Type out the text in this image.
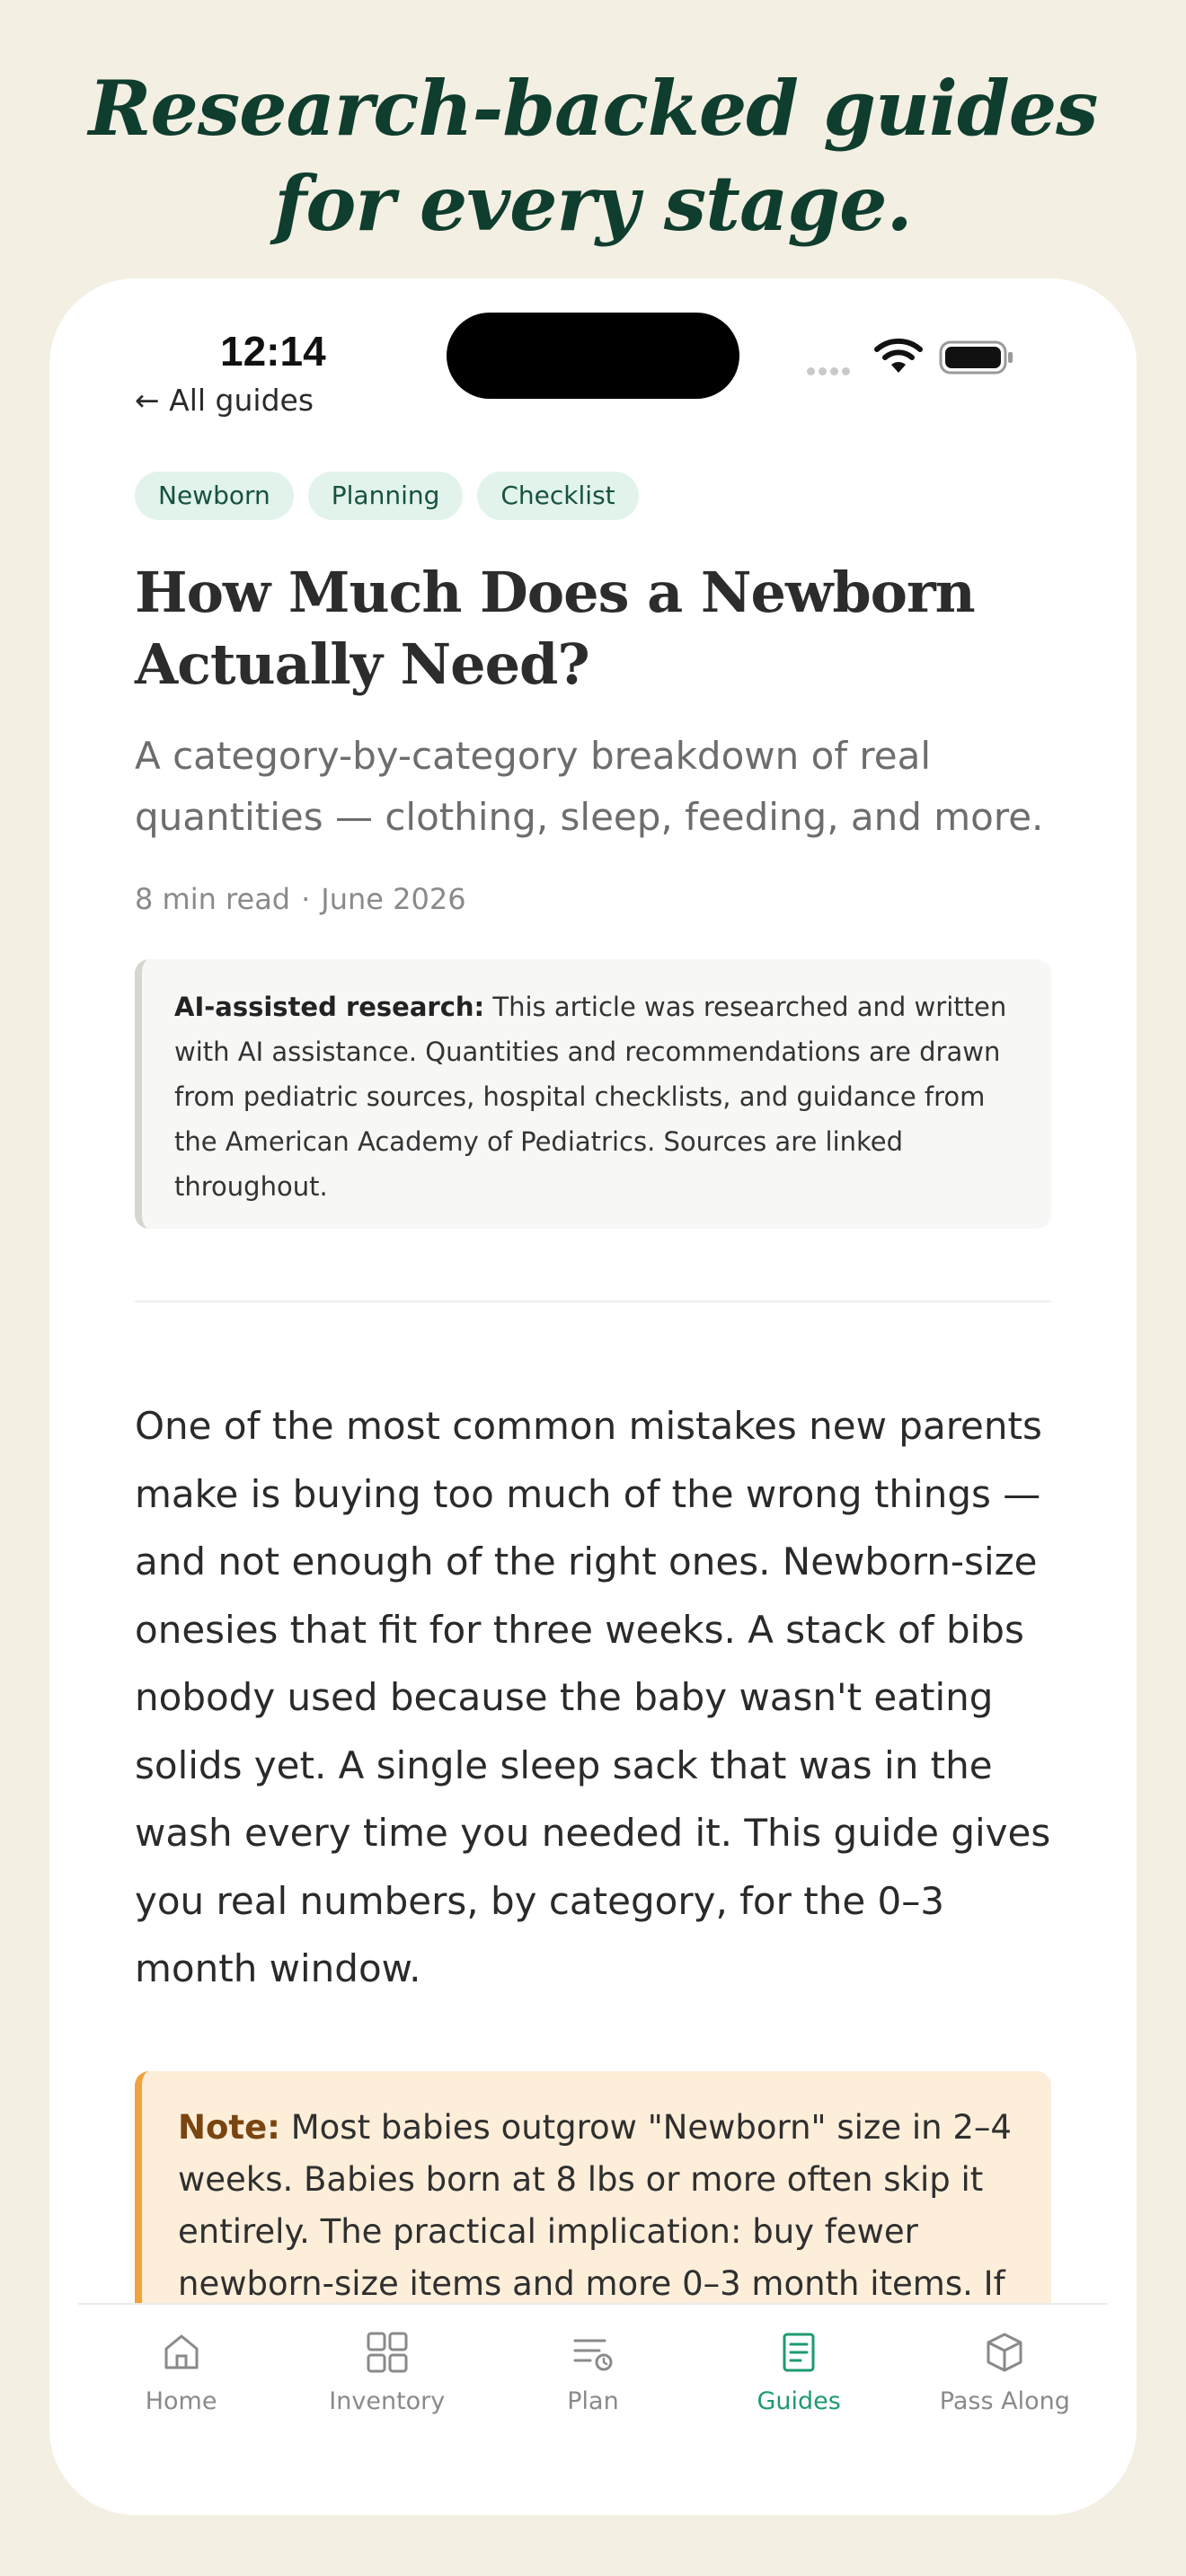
Research-backed guides
for every stage.
12:14
← All guides
Newborn	Planning	Checklist
How Much Does a Newborn
Actually Need?

A category-by-category breakdown of real quantities — clothing, sleep, feeding, and more.

8 min read · June 2026
AI-assisted research: This article was researched and written with AI assistance. Quantities and recommendations are drawn from pediatric sources, hospital checklists, and guidance from the American Academy of Pediatrics. Sources are linked throughout.

One of the most common mistakes new parents make is buying too much of the wrong things — and not enough of the right ones. Newborn-size onesies that fit for three weeks. A stack of bibs nobody used because the baby wasn't eating solids yet. A single sleep sack that was in the wash every time you needed it. This guide gives you real numbers, by category, for the 0–3 month window.

Note: Most babies outgrow "Newborn" size in 2–4 weeks. Babies born at 8 lbs or more often skip it entirely. The practical implication: buy fewer newborn-size items and more 0–3 month items. If
Home	Inventory	Plan	Guides	Pass Along
